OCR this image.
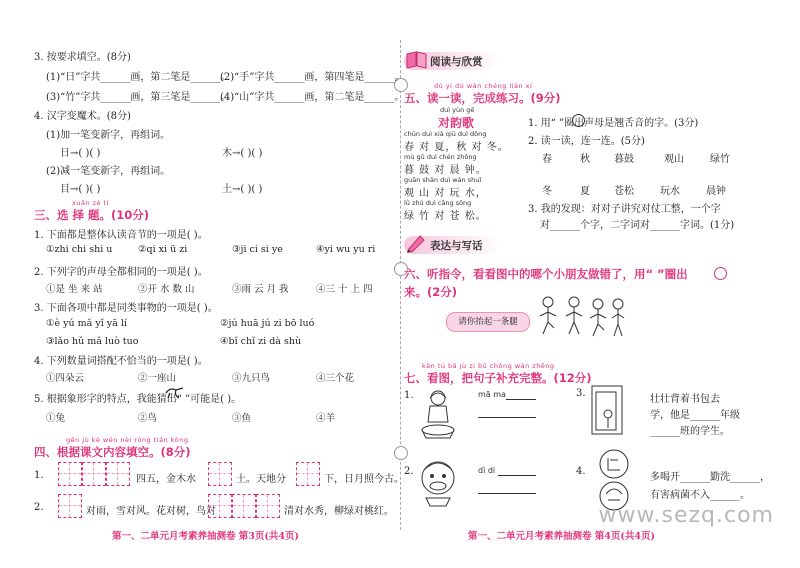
3. 按要求填空。(8分)
(1)“日”字共______画，第二笔是______。
(2)“手”字共______画，第四笔是______。
(3)“竹”字共______画，第三笔是______。
(4)“山”字共______画，第二笔是______。
4. 汉字变魔术。(8分)
(1)加一笔变新字，再组词。
日→( )( )	木→( )( )
(2)减一笔变新字，再组词。
目→( )( )	土→( )( )
xuǎn zé tí
三、选 择 题。(10分)
1. 下面都是整体认读音节的一项是( )。
①zhi chi shi u	②qi xi ü zi	③ji ci si ye	④yi wu yu ri
2. 下列字的声母全都相同的一项是( )。
①是 坐 来 站	②开 水 数 山	③雨 云 月 我	④三 十 上 四
3. 下面各项中都是同类事物的一项是( )。
①è yú mǎ yǐ yā lí	②jú huā jú zi bō luó
③lǎo hǔ mǎ luò tuo	④bǐ chǐ zi dà shù
4. 下列数量词搭配不恰当的一项是( )。
①四朵云	②一座山	③九只鸟	④三个花
5. 根据象形字的特点，我能猜出“ ”可能是( )。
①兔	②鸟	③鱼	④羊
gēn jù kè wén nèi róng tián kòng
四、根据课文内容填空。(8分)
1.	四五，金木水	土。天地分	下，日月照今古。
2.	对雨，雪对风。花对树，鸟对	清对水秀，柳绿对桃红。
第一、二单元月考素养抽测卷 第3页(共4页)
阅读与欣赏
dú yi dú wán chéng liàn xí
五、读一读，完成练习。(9分)
duì yùn gē
对韵歌
chūn duì xià qiū duì dōng
春 对 夏，秋 对 冬。
mù gǔ duì chén zhōng
暮 鼓 对 晨 钟。
guān shān duì wán shuǐ
观 山 对 玩 水，
lǜ zhú duì cāng sōng
绿 竹 对 苍 松。
1. 用“ ”圈出声母是翘舌音的字。(3分)
2. 读一读，连一连。(5分)
春	秋 暮鼓	观山	绿竹
冬	夏 苍松	玩水	晨钟
3. 我的发现：对对子讲究对仗工整，一个字
对______个字，二字词对______字词。(1分)
表达与写话
六、听指令，看看图中的哪个小朋友做错了，用“ ”圈出
来。(2分)
请你抬起一条腿
kàn tú bǎ jù zi bǔ chōng wán zhěng
七、看图，把句子补充完整。(12分)
1.	mā ma
2.	dì di
3.
壮壮背着书包去
学，他是______年级
______班的学生。
4.
多喝开______勤洗______，
有害病菌不入______。
第一、二单元月考素养抽测卷 第4页(共4页)
www.sezq.com
